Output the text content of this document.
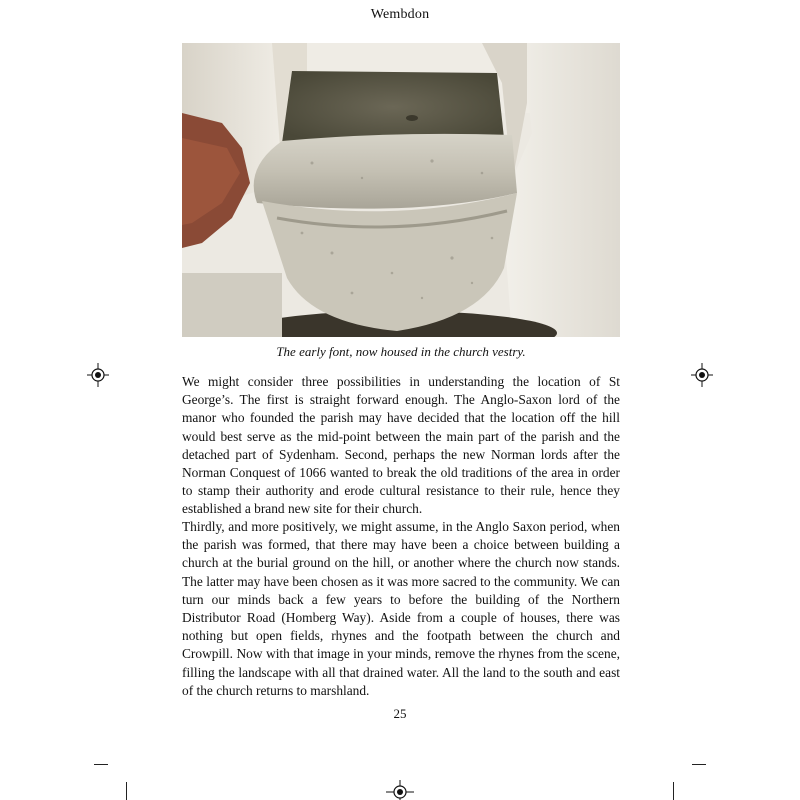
Wembdon
The early font, now housed in the church vestry.

We might consider three possibilities in understanding the location of St George’s. The first is straight forward enough. The Anglo-Saxon lord of the manor who founded the parish may have decided that the location off the hill would best serve as the mid-point between the main part of the parish and the detached part of Sydenham. Second, perhaps the new Norman lords after the Norman Conquest of 1066 wanted to break the old traditions of the area in order to stamp their authority and erode cultural resistance to their rule, hence they established a brand new site for their church.

Thirdly, and more positively, we might assume, in the Anglo Saxon period, when the parish was formed, that there may have been a choice between building a church at the burial ground on the hill, or another where the church now stands. The latter may have been chosen as it was more sacred to the community. We can turn our minds back a few years to before the building of the Northern Distributor Road (Homberg Way). Aside from a couple of houses, there was nothing but open fields, rhynes and the footpath between the church and Crowpill. Now with that image in your minds, remove the rhynes from the scene, filling the landscape with all that drained water. All the land to the south and east of the church returns to marshland.

25
